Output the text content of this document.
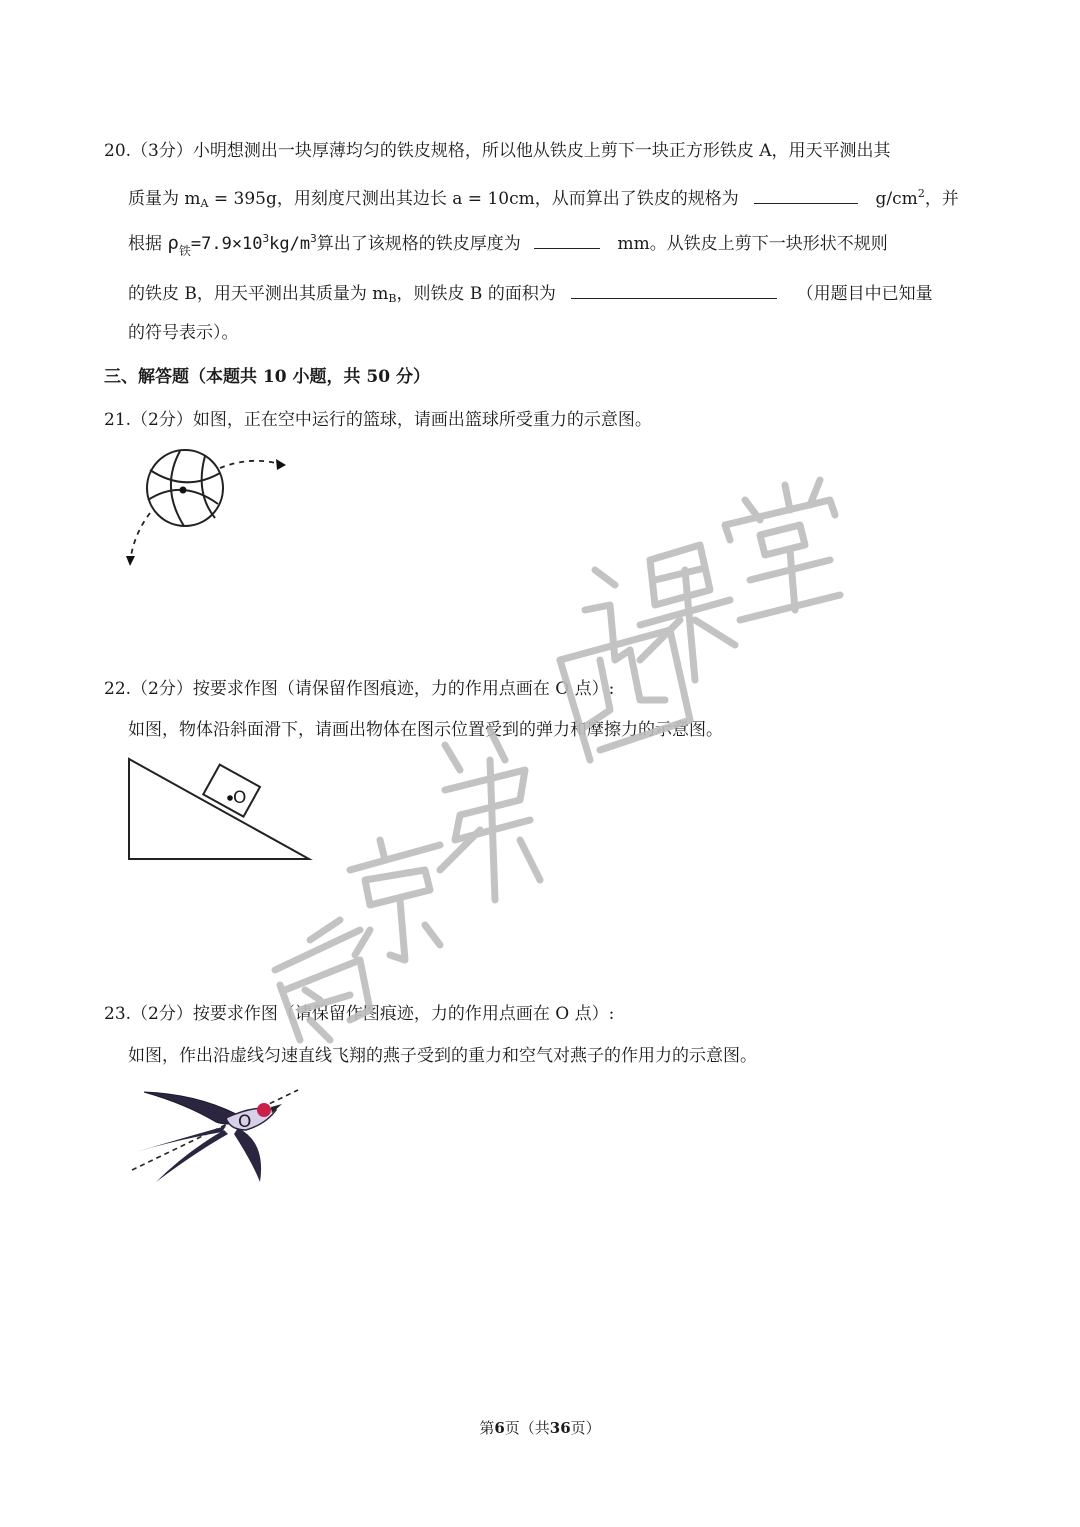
20.（3分）小明想测出一块厚薄均匀的铁皮规格，所以他从铁皮上剪下一块正方形铁皮 A，用天平测出其
质量为 $m_A = 395g$，用刻度尺测出其边长 a = 10cm，从而算出了铁皮的规格为	$g/cm^2$，并
根据 $\rho_铁=7.9\times 10^3kg/m^3$算出了该规格的铁皮厚度为	mm。从铁皮上剪下一块形状不规则
的铁皮 B，用天平测出其质量为 $m_B$，则铁皮 B 的面积为	（用题目中已知量
的符号表示）。
三、解答题（本题共 10 小题，共 50 分）
21.（2分）如图，正在空中运行的篮球，请画出篮球所受重力的示意图。
22.（2分）按要求作图（请保留作图痕迹，力的作用点画在 O 点）:
如图，物体沿斜面滑下，请画出物体在图示位置受到的弹力和摩擦力的示意图。
O
23.（2分）按要求作图（请保留作图痕迹，力的作用点画在 O 点）:
如图，作出沿虚线匀速直线飞翔的燕子受到的重力和空气对燕子的作用力的示意图。
O
第6页（共36页）
